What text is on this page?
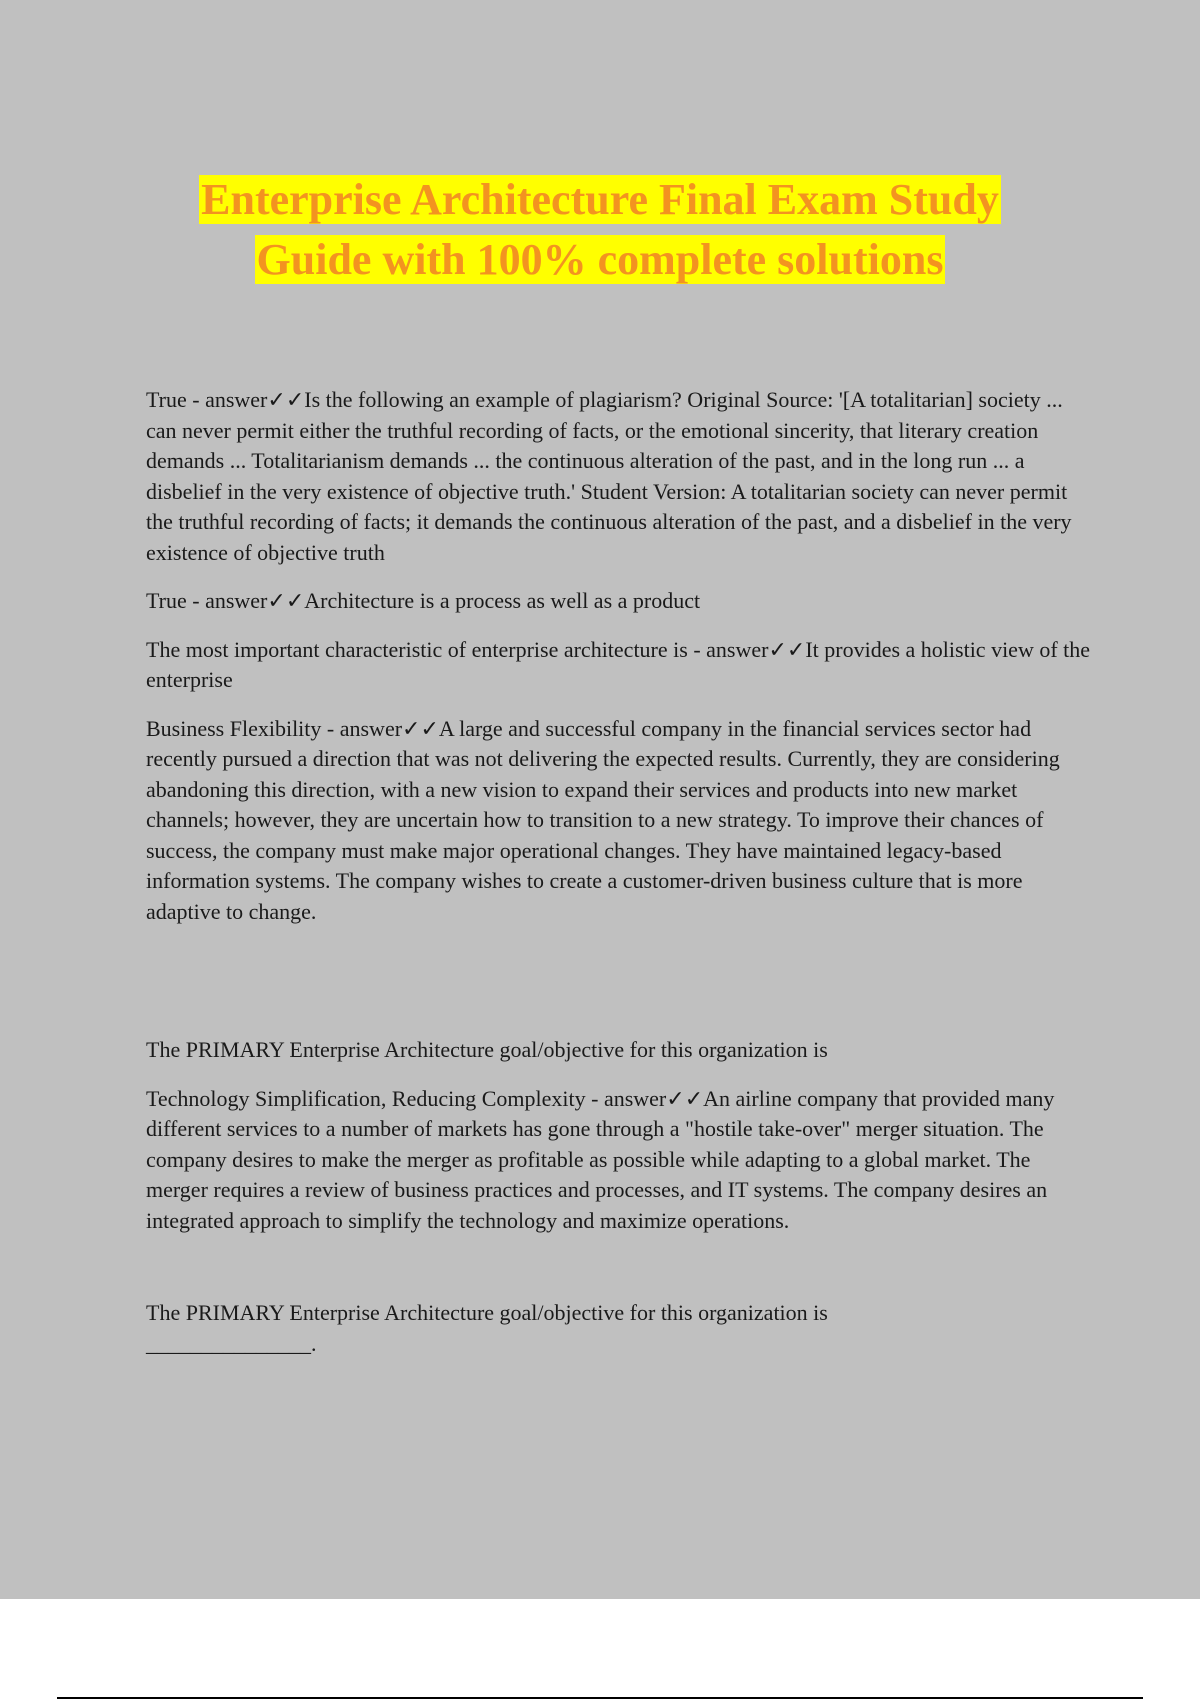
Enterprise Architecture Final Exam Study
Guide with 100% complete solutions

True - answer✓✓Is the following an example of plagiarism? Original Source: '[A totalitarian] society ... can never permit either the truthful recording of facts, or the emotional sincerity, that literary creation demands ... Totalitarianism demands ... the continuous alteration of the past, and in the long run ... a disbelief in the very existence of objective truth.' Student Version: A totalitarian society can never permit the truthful recording of facts; it demands the continuous alteration of the past, and a disbelief in the very existence of objective truth

True - answer✓✓Architecture is a process as well as a product

The most important characteristic of enterprise architecture is - answer✓✓It provides a holistic view of the enterprise

Business Flexibility - answer✓✓A large and successful company in the financial services sector had recently pursued a direction that was not delivering the expected results. Currently, they are considering abandoning this direction, with a new vision to expand their services and products into new market channels; however, they are uncertain how to transition to a new strategy. To improve their chances of success, the company must make major operational changes. They have maintained legacy-based information systems. The company wishes to create a customer-driven business culture that is more adaptive to change.

The PRIMARY Enterprise Architecture goal/objective for this organization is

Technology Simplification, Reducing Complexity - answer✓✓An airline company that provided many different services to a number of markets has gone through a "hostile take-over" merger situation. The company desires to make the merger as profitable as possible while adapting to a global market. The merger requires a review of business practices and processes, and IT systems. The company desires an integrated approach to simplify the technology and maximize operations.

The PRIMARY Enterprise Architecture goal/objective for this organization is

_______________.
